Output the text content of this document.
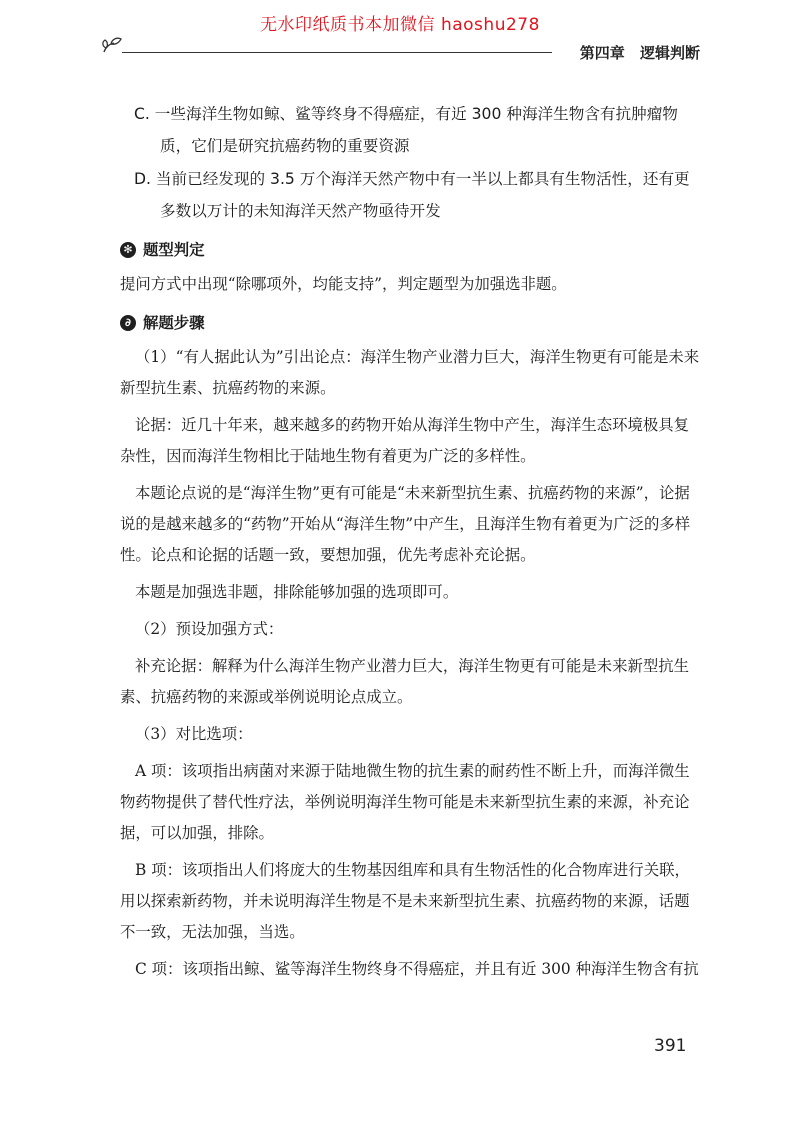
无水印纸质书本加微信 haoshu278
第四章 逻辑判断
C. 一些海洋生物如鲸、鲨等终身不得癌症，有近 300 种海洋生物含有抗肿瘤物质，它们是研究抗癌药物的重要资源
D. 当前已经发现的 3.5 万个海洋天然产物中有一半以上都具有生物活性，还有更多数以万计的未知海洋天然产物亟待开发
✻ 题型判定

提问方式中出现“除哪项外，均能支持”，判定题型为加强选非题。

∂ 解题步骤

（1）“有人据此认为”引出论点：海洋生物产业潜力巨大，海洋生物更有可能是未来新型抗生素、抗癌药物的来源。

论据：近几十年来，越来越多的药物开始从海洋生物中产生，海洋生态环境极具复杂性，因而海洋生物相比于陆地生物有着更为广泛的多样性。

本题论点说的是“海洋生物”更有可能是“未来新型抗生素、抗癌药物的来源”，论据说的是越来越多的“药物”开始从“海洋生物”中产生，且海洋生物有着更为广泛的多样性。论点和论据的话题一致，要想加强，优先考虑补充论据。

本题是加强选非题，排除能够加强的选项即可。

（2）预设加强方式：

补充论据：解释为什么海洋生物产业潜力巨大，海洋生物更有可能是未来新型抗生素、抗癌药物的来源或举例说明论点成立。

（3）对比选项：

A 项：该项指出病菌对来源于陆地微生物的抗生素的耐药性不断上升，而海洋微生物药物提供了替代性疗法，举例说明海洋生物可能是未来新型抗生素的来源，补充论据，可以加强，排除。

B 项：该项指出人们将庞大的生物基因组库和具有生物活性的化合物库进行关联，用以探索新药物，并未说明海洋生物是不是未来新型抗生素、抗癌药物的来源，话题不一致，无法加强，当选。

C 项：该项指出鲸、鲨等海洋生物终身不得癌症，并且有近 300 种海洋生物含有抗

391
